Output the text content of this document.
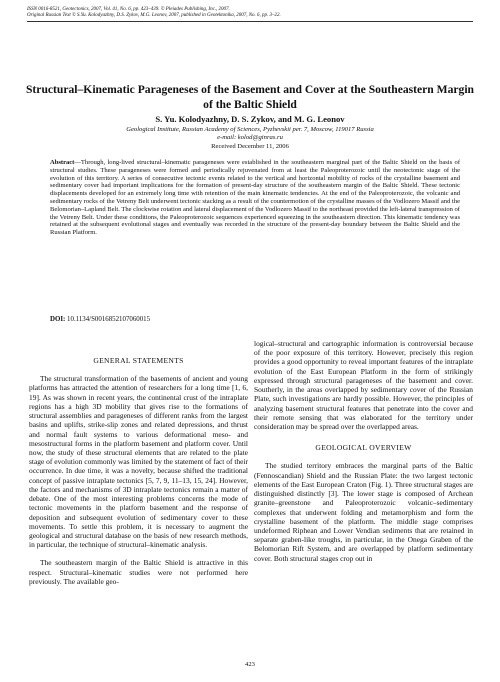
ISSN 0016-8521, Geotectonics, 2007, Vol. 41, No. 6, pp. 423–439. © Pleiades Publishing, Inc., 2007.
Original Russian Text © S.Yu. Kolodyazhny, D.S. Zykov, M.G. Leonov, 2007, published in Geotektonika, 2007, No. 6, pp. 3–22.
Structural–Kinematic Parageneses of the Basement and Cover at the Southeastern Margin of the Baltic Shield
S. Yu. Kolodyazhny, D. S. Zykov, and M. G. Leonov
Geological Institute, Russian Academy of Sciences, Pyzhevskii per. 7, Moscow, 119017 Russia
e-mail: kolod@ginras.ru
Received December 11, 2006
Abstract—Through, long-lived structural–kinematic parageneses were established in the southeastern marginal part of the Baltic Shield on the basis of structural studies. These parageneses were formed and periodically rejuvenated from at least the Paleoproterozoic until the neotectonic stage of the evolution of this territory. A series of consecutive tectonic events related to the vertical and horizontal mobility of rocks of the crystalline basement and sedimentary cover had important implications for the formation of present-day structure of the southeastern margin of the Baltic Shield. These tectonic displacements developed for an extremely long time with retention of the main kinematic tendencies. At the end of the Paleoproterozoic, the volcanic and sedimentary rocks of the Vetreny Belt underwent tectonic stacking as a result of the countermotion of the crystalline masses of the Vodlozero Massif and the Belomorian–Lapland Belt. The clockwise rotation and lateral displacement of the Vodlozero Massif to the northeast provided the left-lateral transpression of the Vetreny Belt. Under these conditions, the Paleoproterozoic sequences experienced squeezing in the southeastern direction. This kinematic tendency was retained at the subsequent evolutional stages and eventually was recorded in the structure of the present-day boundary between the Baltic Shield and the Russian Platform.
DOI: 10.1134/S0016852107060015
GENERAL STATEMENTS

The structural transformation of the basements of ancient and young platforms has attracted the attention of researchers for a long time [1, 6, 19]. As was shown in recent years, the continental crust of the intraplate regions has a high 3D mobility that gives rise to the formations of structural assemblies and parageneses of different ranks from the largest basins and uplifts, strike-slip zones and related depressions, and thrust and normal fault systems to various deformational meso- and mesostructural forms in the platform basement and platform cover. Until now, the study of these structural elements that are related to the plate stage of evolution commonly was limited by the statement of fact of their occurrence. In due time, it was a novelty, because shifted the traditional concept of passive intraplate tectonics [5, 7, 9, 11–13, 15, 24]. However, the factors and mechanisms of 3D intraplate tectonics remain a matter of debate. One of the most interesting problems concerns the mode of tectonic movements in the platform basement and the response of deposition and subsequent evolution of sedimentary cover to these movements. To settle this problem, it is necessary to augment the geological and structural database on the basis of new research methods, in particular, the technique of structural–kinematic analysis.

The southeastern margin of the Baltic Shield is attractive in this respect. Structural–kinematic studies were not performed here previously. The available geo-

logical–structural and cartographic information is controversial because of the poor exposure of this territory. However, precisely this region provides a good opportunity to reveal important features of the intraplate evolution of the East European Platform in the form of strikingly expressed through structural parageneses of the basement and cover. Southerly, in the areas overlapped by sedimentary cover of the Russian Plate, such investigations are hardly possible. However, the principles of analyzing basement structural features that penetrate into the cover and their remote sensing that was elaborated for the territory under consideration may be spread over the overlapped areas.

GEOLOGICAL OVERVIEW

The studied territory embraces the marginal parts of the Baltic (Fennoscandian) Shield and the Russian Plate: the two largest tectonic elements of the East European Craton (Fig. 1). Three structural stages are distinguished distinctly [3]. The lower stage is composed of Archean granite–greenstone and Paleoproterozoic volcanic–sedimentary complexes that underwent folding and metamorphism and form the crystalline basement of the platform. The middle stage comprises undeformed Riphean and Lower Vendian sediments that are retained in separate graben-like troughs, in particular, in the Onega Graben of the Belomorian Rift System, and are overlapped by platform sedimentary cover. Both structural stages crop out in

423
